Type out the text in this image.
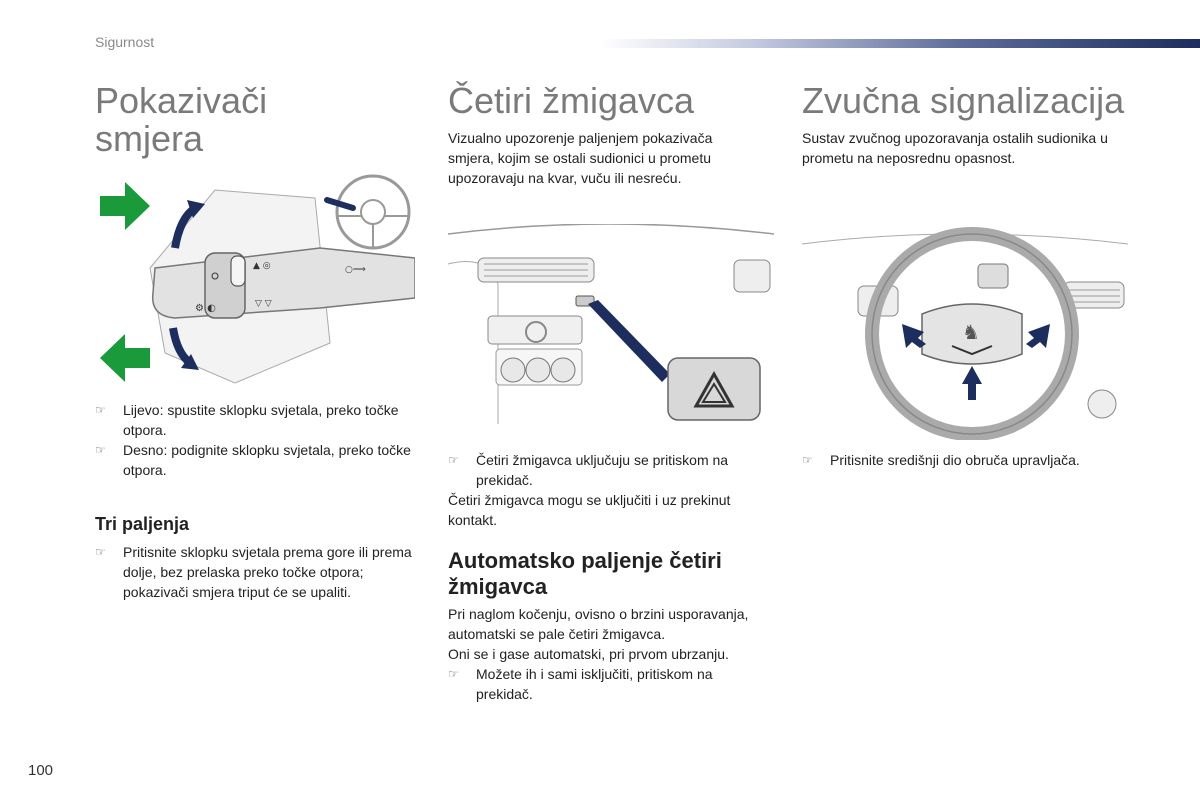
Sigurnost
Pokazivači
smjera
⚙ ◐
▲ ◎
▽ ▽
○⟹
☞ Lijevo: spustite sklopku svjetala, preko točke otpora.
☞ Desno: podignite sklopku svjetala, preko točke otpora.
Tri paljenja
☞ Pritisnite sklopku svjetala prema gore ili prema dolje, bez prelaska preko točke otpora; pokazivači smjera triput će se upaliti.
Četiri žmigavca
Vizualno upozorenje paljenjem pokazivača smjera, kojim se ostali sudionici u prometu upozoravaju na kvar, vuču ili nesreću.
☞ Četiri žmigavca uključuju se pritiskom na prekidač.
Četiri žmigavca mogu se uključiti i uz prekinut kontakt.
Automatsko paljenje četiri žmigavca
Pri naglom kočenju, ovisno o brzini usporavanja, automatski se pale četiri žmigavca.
Oni se i gase automatski, pri prvom ubrzanju.
☞ Možete ih i sami isključiti, pritiskom na prekidač.
Zvučna signalizacija
Sustav zvučnog upozoravanja ostalih sudionika u prometu na neposrednu opasnost.
♞
☞ Pritisnite središnji dio obruča upravljača.
100
